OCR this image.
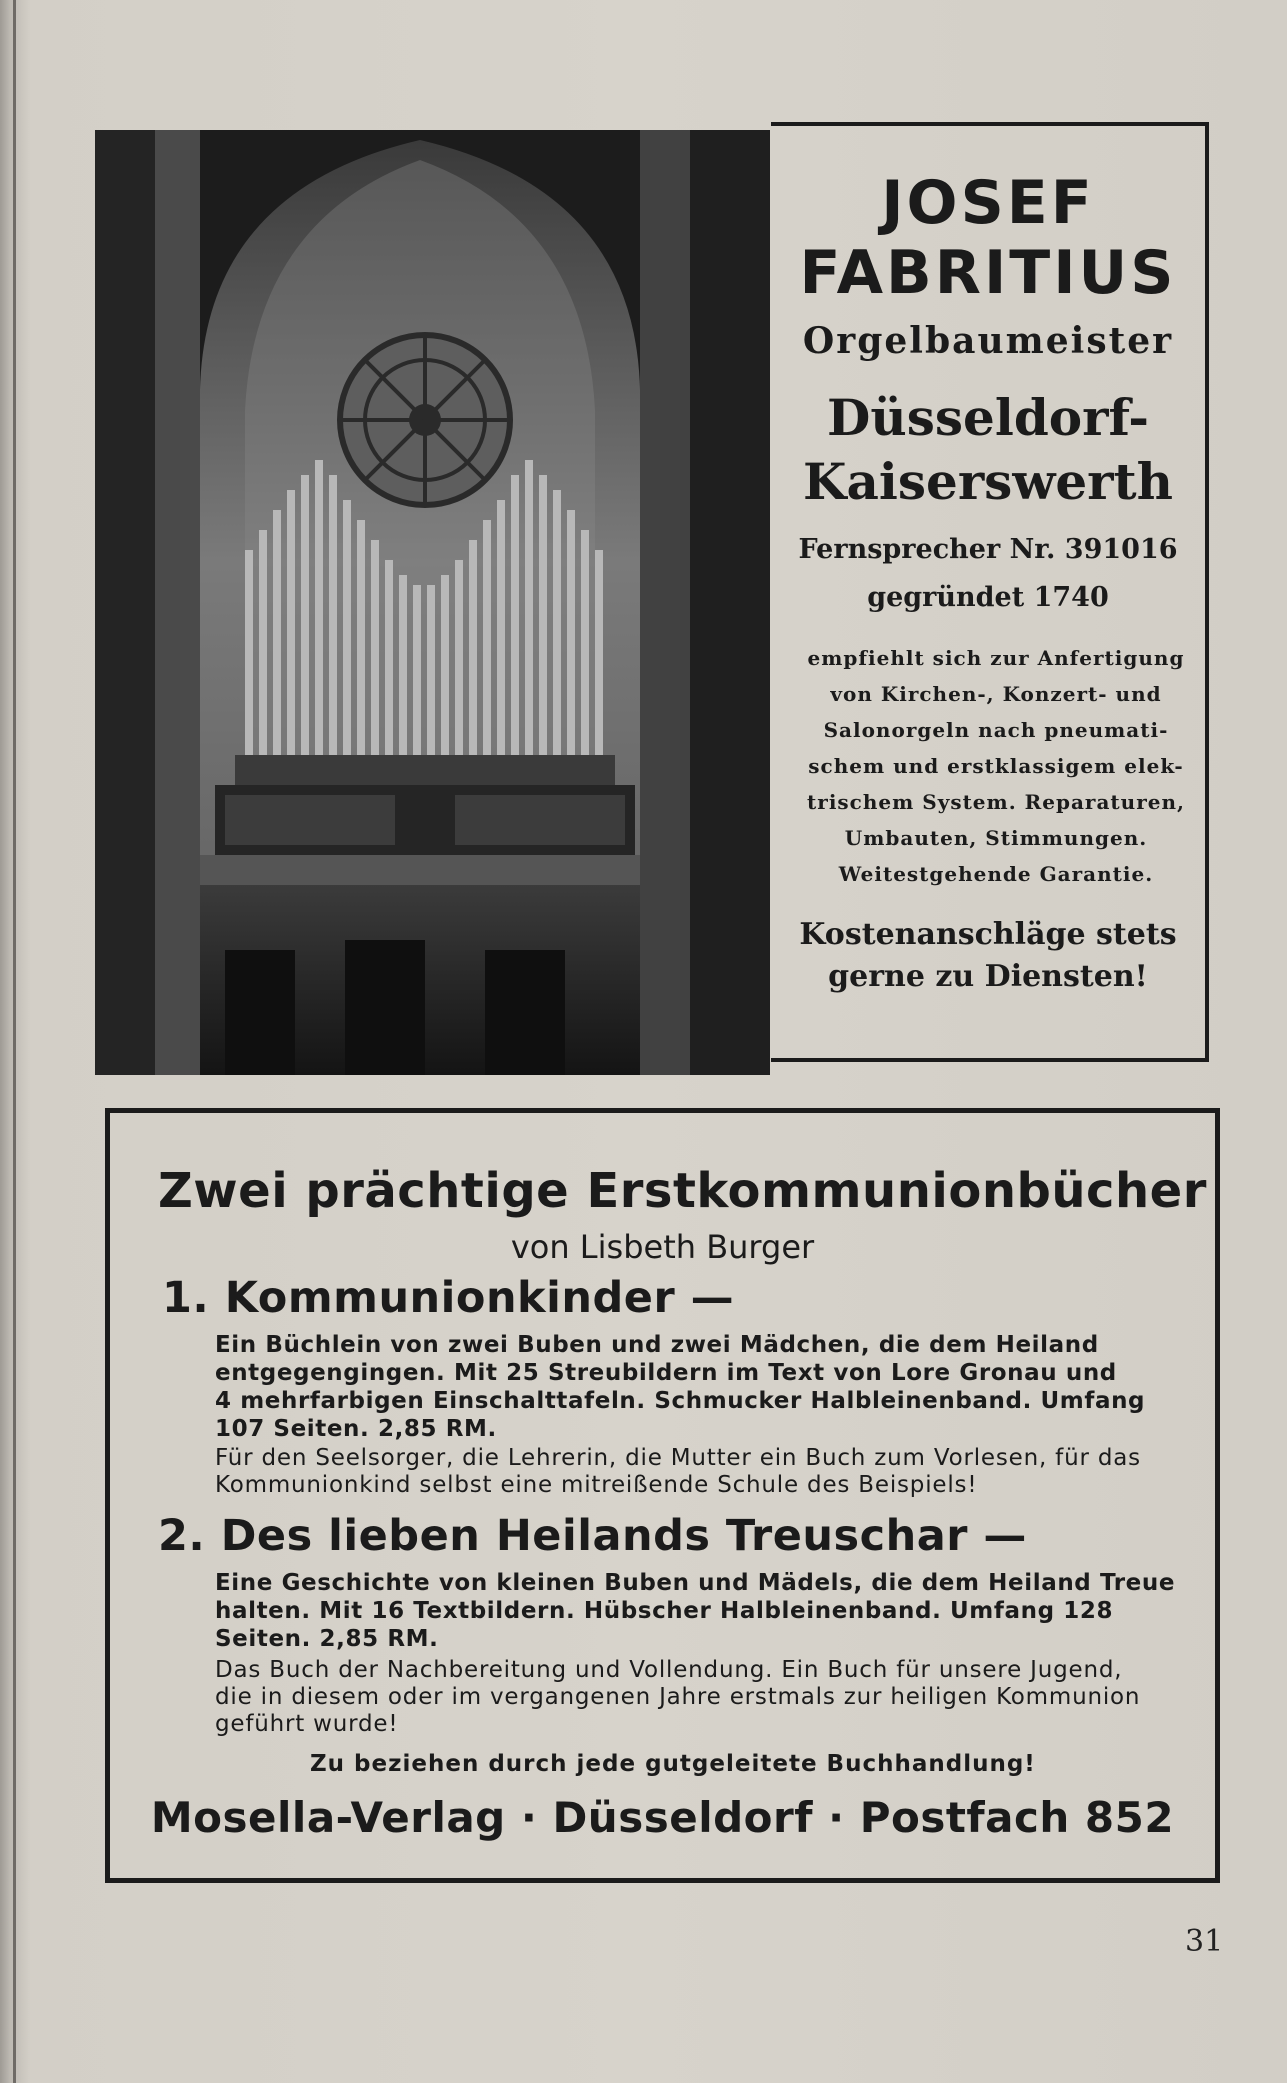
JOSEF
FABRITIUS
Orgelbaumeister
Düsseldorf-
Kaiserswerth
Fernsprecher Nr. 391016
gegründet 1740
empfiehlt sich zur Anfertigung
von Kirchen-, Konzert- und
Salonorgeln nach pneumati-
schem und erstklassigem elek-
trischem System. Reparaturen,
Umbauten, Stimmungen.
Weitestgehende Garantie.
Kostenanschläge stets
gerne zu Diensten!
Zwei prächtige Erstkommunionbücher
von Lisbeth Burger
1. Kommunionkinder —
Ein Büchlein von zwei Buben und zwei Mädchen, die dem Heiland
entgegengingen. Mit 25 Streubildern im Text von Lore Gronau und
4 mehrfarbigen Einschalttafeln. Schmucker Halbleinenband. Umfang
107 Seiten. 2,85 RM.
Für den Seelsorger, die Lehrerin, die Mutter ein Buch zum Vorlesen, für das
Kommunionkind selbst eine mitreißende Schule des Beispiels!
2. Des lieben Heilands Treuschar —
Eine Geschichte von kleinen Buben und Mädels, die dem Heiland Treue
halten. Mit 16 Textbildern. Hübscher Halbleinenband. Umfang 128
Seiten. 2,85 RM.
Das Buch der Nachbereitung und Vollendung. Ein Buch für unsere Jugend,
die in diesem oder im vergangenen Jahre erstmals zur heiligen Kommunion
geführt wurde!
Zu beziehen durch jede gutgeleitete Buchhandlung!
Mosella-Verlag · Düsseldorf · Postfach 852
31
